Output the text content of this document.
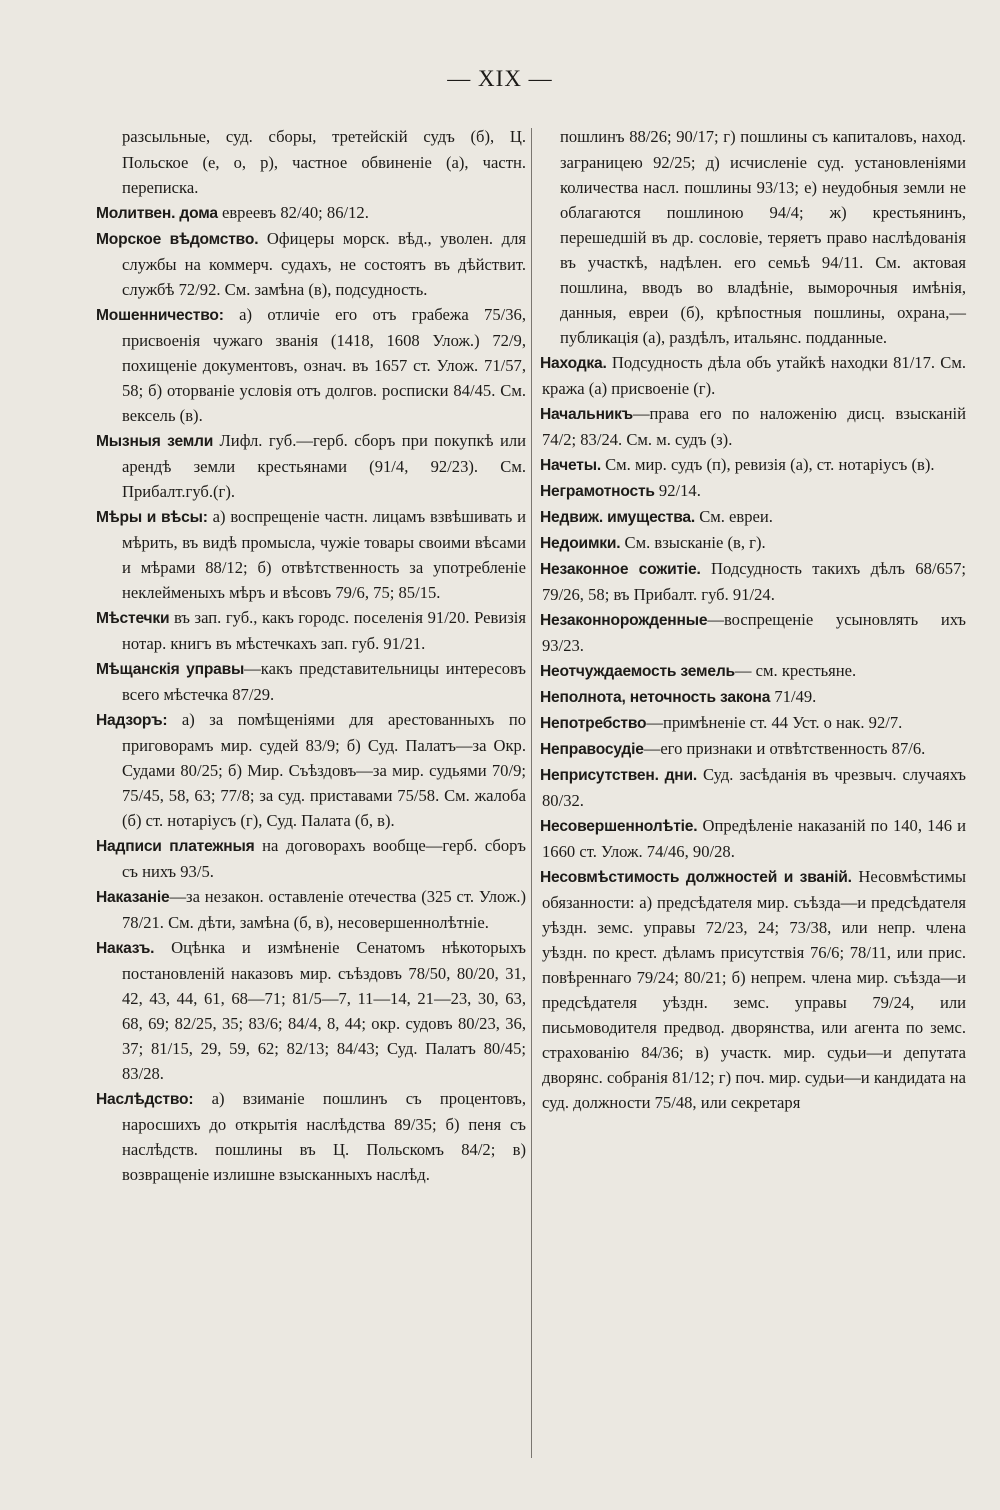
— XIX —

разсыльные, суд. сборы, третейскій судъ (б), Ц. Польское (е, о, р), частное обвиненіе (а), частн. переписка.

Молитвен. дома евреевъ 82/40; 86/12.

Морское вѣдомство. Офицеры морск. вѣд., уволен. для службы на коммерч. судахъ, не состоятъ въ дѣйствит. службѣ 72/92. См. замѣна (в), подсудность.

Мошенничество: а) отличіе его отъ грабежа 75/36, присвоенія чужаго званія (1418, 1608 Улож.) 72/9, похищеніе документовъ, означ. въ 1657 ст. Улож. 71/57, 58; б) оторваніе условія отъ долгов. росписки 84/45. См. вексель (в).

Мызныя земли Лифл. губ.—герб. сборъ при покупкѣ или арендѣ земли крестьянами (91/4, 92/23). См. Прибалт.губ.(г).

Мѣры и вѣсы: а) воспрещеніе частн. лицамъ взвѣшивать и мѣрить, въ видѣ промысла, чужіе товары своими вѣсами и мѣрами 88/12; б) отвѣтственность за употребленіе неклейменыхъ мѣръ и вѣсовъ 79/6, 75; 85/15.

Мѣстечки въ зап. губ., какъ городс. поселенія 91/20. Ревизія нотар. книгъ въ мѣстечкахъ зап. губ. 91/21.

Мѣщанскія управы—какъ представительницы интересовъ всего мѣстечка 87/29.

Надзоръ: а) за помѣщеніями для арестованныхъ по приговорамъ мир. судей 83/9; б) Суд. Палатъ—за Окр. Судами 80/25; б) Мир. Съѣздовъ—за мир. судьями 70/9; 75/45, 58, 63; 77/8; за суд. приставами 75/58. См. жалоба (б) ст. нотаріусъ (г), Суд. Палата (б, в).

Надписи платежныя на договорахъ вообще—герб. сборъ съ нихъ 93/5.

Наказаніе—за незакон. оставленіе отечества (325 ст. Улож.) 78/21. См. дѣти, замѣна (б, в), несовершеннолѣтніе.

Наказъ. Оцѣнка и измѣненіе Сенатомъ нѣкоторыхъ постановленій наказовъ мир. съѣздовъ 78/50, 80/20, 31, 42, 43, 44, 61, 68—71; 81/5—7, 11—14, 21—23, 30, 63, 68, 69; 82/25, 35; 83/6; 84/4, 8, 44; окр. судовъ 80/23, 36, 37; 81/15, 29, 59, 62; 82/13; 84/43; Суд. Палатъ 80/45; 83/28.

Наслѣдство: а) взиманіе пошлинъ съ процентовъ, наросшихъ до открытія наслѣдства 89/35; б) пеня съ наслѣдств. пошлины въ Ц. Польскомъ 84/2; в) возвращеніе излишне взысканныхъ наслѣд.

пошлинъ 88/26; 90/17; г) пошлины съ капиталовъ, наход. заграницею 92/25; д) исчисленіе суд. установленіями количества насл. пошлины 93/13; е) неудобныя земли не облагаются пошлиною 94/4; ж) крестьянинъ, перешедшій въ др. сословіе, теряетъ право наслѣдованія въ участкѣ, надѣлен. его семьѣ 94/11. См. актовая пошлина, вводъ во владѣніе, выморочныя имѣнія, данныя, евреи (б), крѣпостныя пошлины, охрана,—публикація (а), раздѣлъ, итальянс. подданные.

Находка. Подсудность дѣла объ утайкѣ находки 81/17. См. кража (а) присвоеніе (г).

Начальникъ—права его по наложенію дисц. взысканій 74/2; 83/24. См. м. судъ (з).

Начеты. См. мир. судъ (п), ревизія (а), ст. нотаріусъ (в).

Неграмотность 92/14.

Недвиж. имущества. См. евреи.

Недоимки. См. взысканіе (в, г).

Незаконное сожитіе. Подсудность такихъ дѣлъ 68/657; 79/26, 58; въ Прибалт. губ. 91/24.

Незаконнорожденные—воспрещеніе усыновлять ихъ 93/23.

Неотчуждаемость земель— см. крестьяне.

Неполнота, неточность закона 71/49.

Непотребство—примѣненіе ст. 44 Уст. о нак. 92/7.

Неправосудіе—его признаки и отвѣтственность 87/6.

Неприсутствен. дни. Суд. засѣданія въ чрезвыч. случаяхъ 80/32.

Несовершеннолѣтіе. Опредѣленіе наказаній по 140, 146 и 1660 ст. Улож. 74/46, 90/28.

Несовмѣстимость должностей и званій. Несовмѣстимы обязанности: а) предсѣдателя мир. съѣзда—и предсѣдателя уѣздн. земс. управы 72/23, 24; 73/38, или непр. члена уѣздн. по крест. дѣламъ присутствія 76/6; 78/11, или прис. повѣреннаго 79/24; 80/21; б) непрем. члена мир. съѣзда—и предсѣдателя уѣздн. земс. управы 79/24, или письмоводителя предвод. дворянства, или агента по земс. страхованію 84/36; в) участк. мир. судьи—и депутата дворянс. собранія 81/12; г) поч. мир. судьи—и кандидата на суд. должности 75/48, или секретаря
